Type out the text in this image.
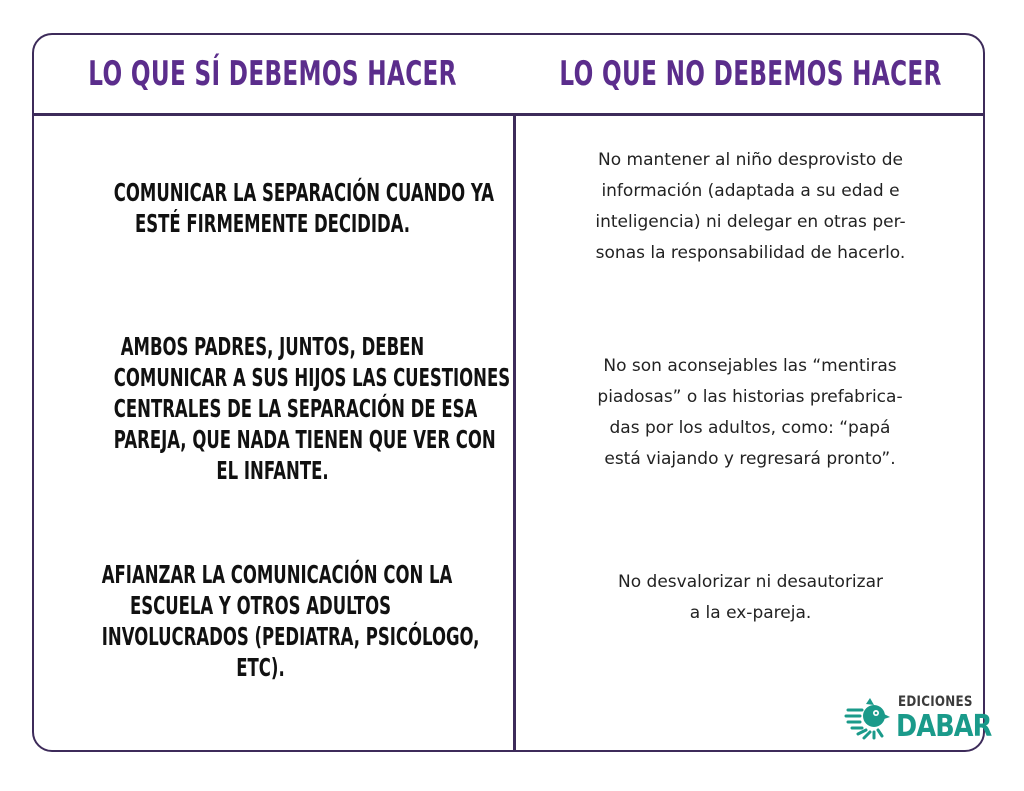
LO QUE SÍ DEBEMOS HACER	LO QUE NO DEBEMOS HACER
COMUNICAR LA SEPARACIÓN CUANDO YA
ESTÉ FIRMEMENTE DECIDIDA.
AMBOS PADRES, JUNTOS, DEBEN
COMUNICAR A SUS HIJOS LAS CUESTIONES
CENTRALES DE LA SEPARACIÓN DE ESA
PAREJA, QUE NADA TIENEN QUE VER CON
EL INFANTE.
AFIANZAR LA COMUNICACIÓN CON LA
ESCUELA Y OTROS ADULTOS
INVOLUCRADOS (PEDIATRA, PSICÓLOGO,
ETC).
No mantener al niño desprovisto de
información (adaptada a su edad e
inteligencia) ni delegar en otras per-
sonas la responsabilidad de hacerlo.
No son aconsejables las “mentiras
piadosas” o las historias prefabrica-
das por los adultos, como: “papá
está viajando y regresará pronto”.
No desvalorizar ni desautorizar
a la ex-pareja.
EDICIONES
DABAR
